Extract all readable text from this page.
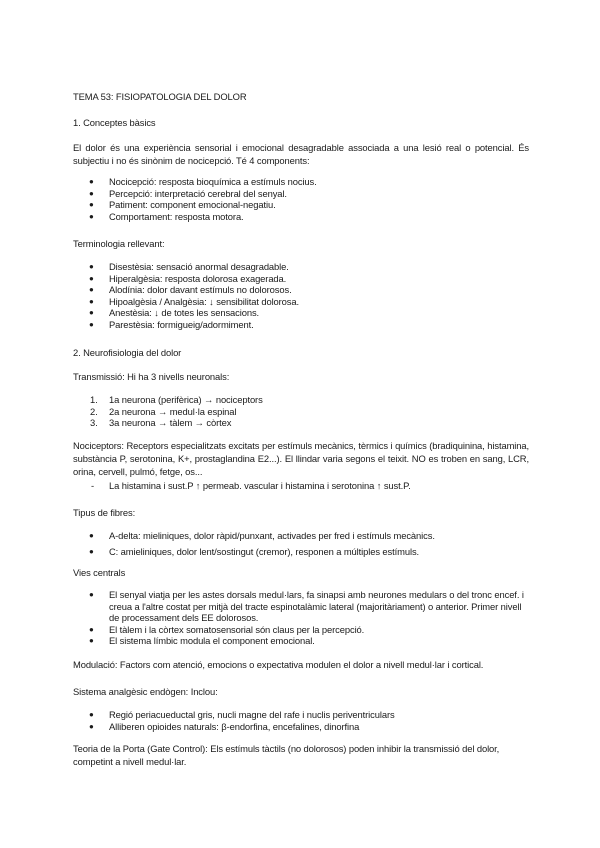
TEMA 53: FISIOPATOLOGIA DEL DOLOR
1. Conceptes bàsics
El dolor és una experiència sensorial i emocional desagradable associada a una lesió real o potencial. És subjectiu i no és sinònim de nocicepció. Té 4 components:
● Nocicepció: resposta bioquímica a estímuls nocius.
● Percepció: interpretació cerebral del senyal.
● Patiment: component emocional-negatiu.
● Comportament: resposta motora.
Terminologia rellevant:
● Disestèsia: sensació anormal desagradable.
● Hiperalgèsia: resposta dolorosa exagerada.
● Alodínia: dolor davant estímuls no dolorosos.
● Hipoalgèsia / Analgèsia: ↓ sensibilitat dolorosa.
● Anestèsia: ↓ de totes les sensacions.
● Parestèsia: formigueig/adormiment.
2. Neurofisiologia del dolor
Transmissió: Hi ha 3 nivells neuronals:
1. 1a neurona (perifèrica) → nociceptors
2. 2a neurona → medul·la espinal
3. 3a neurona → tàlem → còrtex
Nociceptors: Receptors especialitzats excitats per estímuls mecànics, tèrmics i químics (bradiquinina, histamina, substància P, serotonina, K+, prostaglandina E2...). El llindar varia segons el teixit. NO es troben en sang, LCR, orina, cervell, pulmó, fetge, os...
- La histamina i sust.P ↑ permeab. vascular i histamina i serotonina ↑ sust.P.
Tipus de fibres:
● A-delta: mieliniques, dolor ràpid/punxant, activades per fred i estímuls mecànics.
● C: amieliniques, dolor lent/sostingut (cremor), responen a múltiples estímuls.
Vies centrals
● El senyal viatja per les astes dorsals medul·lars, fa sinapsi amb neurones medulars o del tronc encef. i creua a l'altre costat per mitjà del tracte espinotalàmic lateral (majoritàriament) o anterior. Primer nivell de processament dels EE dolorosos.
● El tàlem i la còrtex somatosensorial són claus per la percepció.
● El sistema límbic modula el component emocional.
Modulació: Factors com atenció, emocions o expectativa modulen el dolor a nivell medul·lar i cortical.
Sistema analgèsic endògen: Inclou:
● Regió periacueductal gris, nucli magne del rafe i nuclis periventriculars
● Alliberen opioides naturals: β-endorfina, encefalines, dinorfina
Teoria de la Porta (Gate Control): Els estímuls tàctils (no dolorosos) poden inhibir la transmissió del dolor, competint a nivell medul·lar.
